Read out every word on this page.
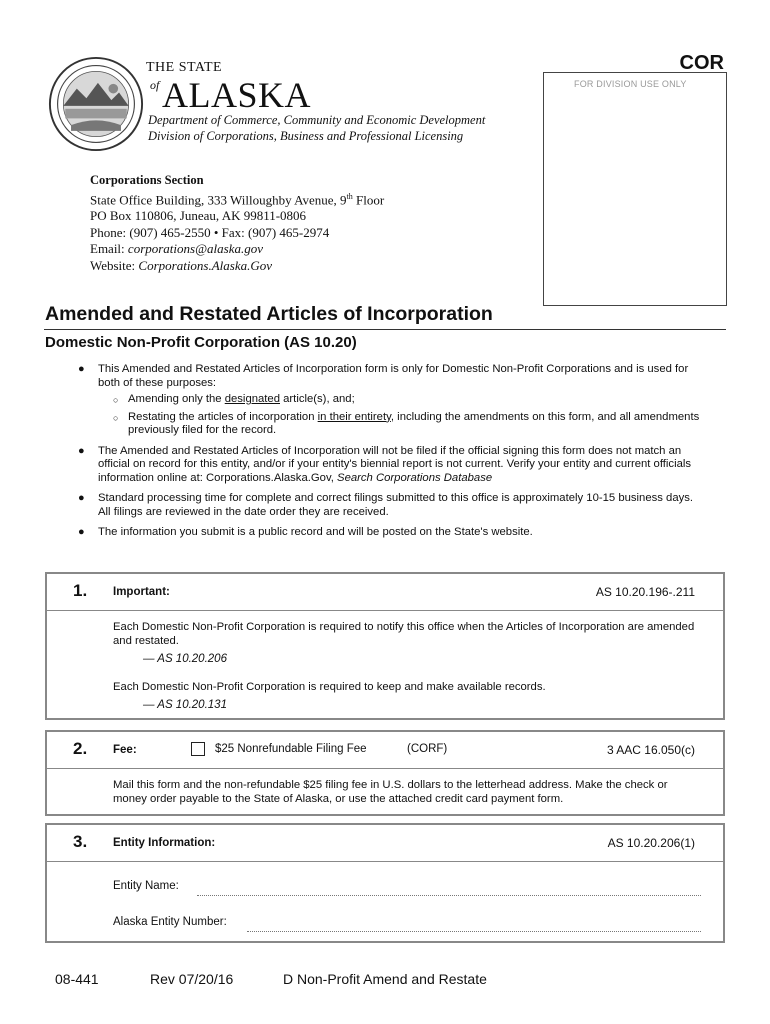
THE STATE
of ALASKA
Department of Commerce, Community and Economic Development
Division of Corporations, Business and Professional Licensing
COR
FOR DIVISION USE ONLY
Corporations Section
State Office Building, 333 Willoughby Avenue, 9th Floor
PO Box 110806, Juneau, AK 99811-0806
Phone: (907) 465-2550 • Fax: (907) 465-2974
Email: corporations@alaska.gov
Website: Corporations.Alaska.Gov
Amended and Restated Articles of Incorporation
Domestic Non-Profit Corporation (AS 10.20)
● This Amended and Restated Articles of Incorporation form is only for Domestic Non-Profit Corporations and is used for both of these purposes:
○ Amending only the designated article(s), and;
○ Restating the articles of incorporation in their entirety, including the amendments on this form, and all amendments previously filed for the record.
● The Amended and Restated Articles of Incorporation will not be filed if the official signing this form does not match an official on record for this entity, and/or if your entity's biennial report is not current. Verify your entity and current officials information online at: Corporations.Alaska.Gov, Search Corporations Database
● Standard processing time for complete and correct filings submitted to this office is approximately 10-15 business days. All filings are reviewed in the date order they are received.
● The information you submit is a public record and will be posted on the State's website.
1. Important:	AS 10.20.196-.211
Each Domestic Non-Profit Corporation is required to notify this office when the Articles of Incorporation are amended and restated.
— AS 10.20.206
Each Domestic Non-Profit Corporation is required to keep and make available records.
— AS 10.20.131
2. Fee:	$25 Nonrefundable Filing Fee	(CORF)	3 AAC 16.050(c)
Mail this form and the non-refundable $25 filing fee in U.S. dollars to the letterhead address. Make the check or money order payable to the State of Alaska, or use the attached credit card payment form.
3. Entity Information:	AS 10.20.206(1)
Entity Name:
Alaska Entity Number:
08-441	Rev 07/20/16	D Non-Profit Amend and Restate
